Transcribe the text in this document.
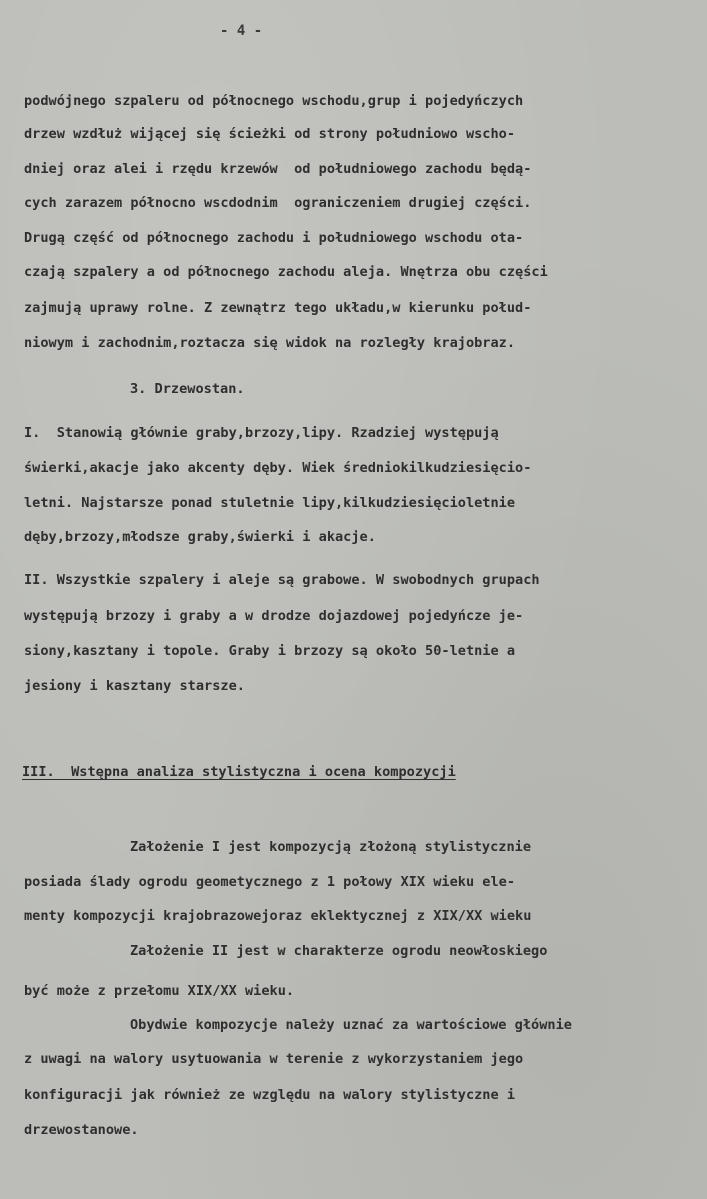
- 4 -
podwójnego szpaleru od północnego wschodu,grup i pojedyńczych
drzew wzdłuż wijącej się ścieżki od strony południowo wscho-
dniej oraz alei i rzędu krzewów  od południowego zachodu będą-
cych zarazem północno wscdodnim  ograniczeniem drugiej części.
Drugą część od północnego zachodu i południowego wschodu ota-
czają szpalery a od północnego zachodu aleja. Wnętrza obu części
zajmują uprawy rolne. Z zewnątrz tego układu,w kierunku połud-
niowym i zachodnim,roztacza się widok na rozległy krajobraz.
3. Drzewostan.
I.  Stanowią głównie graby,brzozy,lipy. Rzadziej występują
świerki,akacje jako akcenty dęby. Wiek średniokilkudziesięcio-
letni. Najstarsze ponad stuletnie lipy,kilkudziesięcioletnie
dęby,brzozy,młodsze graby,świerki i akacje.
II. Wszystkie szpalery i aleje są grabowe. W swobodnych grupach
występują brzozy i graby a w drodze dojazdowej pojedyńcze je-
siony,kasztany i topole. Graby i brzozy są około 50-letnie a
jesiony i kasztany starsze.
III.  Wstępna analiza stylistyczna i ocena kompozycji
Założenie I jest kompozycją złożoną stylistycznie
posiada ślady ogrodu geometycznego z 1 połowy XIX wieku ele-
menty kompozycji krajobrazowejoraz eklektycznej z XIX/XX wieku
Założenie II jest w charakterze ogrodu neowłoskiego
być może z przełomu XIX/XX wieku.
Obydwie kompozycje należy uznać za wartościowe głównie
z uwagi na walory usytuowania w terenie z wykorzystaniem jego
konfiguracji jak również ze względu na walory stylistyczne i
drzewostanowe.
